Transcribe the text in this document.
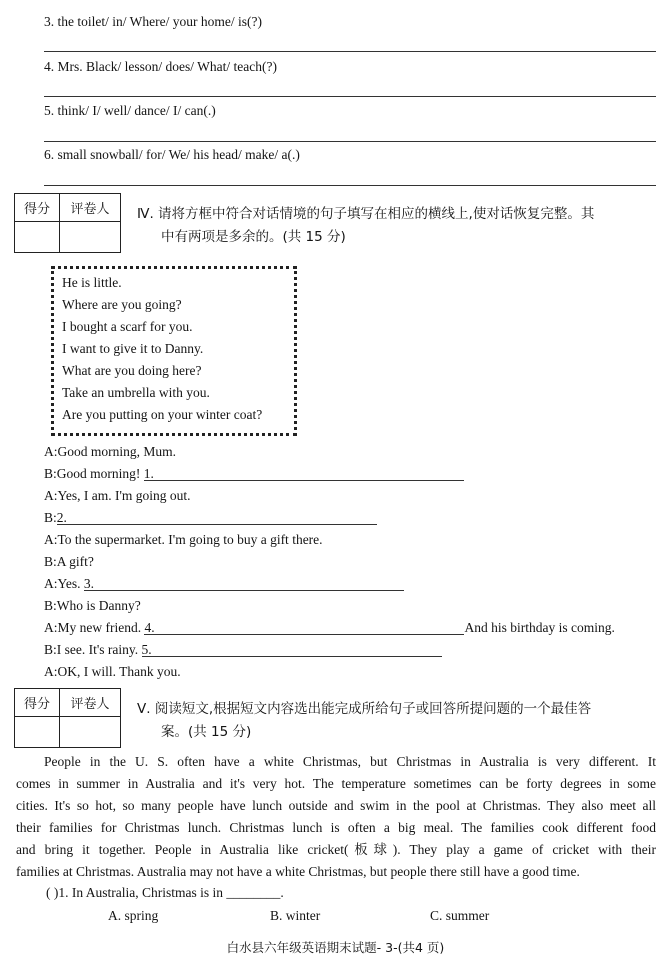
3. the toilet/ in/ Where/ your home/ is(?)
4. Mrs. Black/ lesson/ does/ What/ teach(?)
5. think/ I/ well/ dance/ I/ can(.)
6. small snowball/ for/ We/ his head/ make/ a(.)
得分	评卷人
	Ⅳ. 请将方框中符合对话情境的句子填写在相应的横线上,使对话恢复完整。其
中有两项是多余的。(共 15 分)
He is little.
Where are you going?
I bought a scarf for you.
I want to give it to Danny.
What are you doing here?
Take an umbrella with you.
Are you putting on your winter coat?
A:Good morning, Mum.
B:Good morning! 1.
A:Yes, I am. I'm going out.
B:2.
A:To the supermarket. I'm going to buy a gift there.
B:A gift?
A:Yes. 3.
B:Who is Danny?
A:My new friend. 4.	And his birthday is coming.
B:I see. It's rainy. 5.
A:OK, I will. Thank you.
得分	评卷人
	Ⅴ. 阅读短文,根据短文内容选出能完成所给句子或回答所提问题的一个最佳答
案。(共 15 分)
People in the U. S. often have a white Christmas, but Christmas in Australia is very different. It
comes in summer in Australia and it's very hot. The temperature sometimes can be forty degrees in some
cities. It's so hot, so many people have lunch outside and swim in the pool at Christmas. They also meet all
their families for Christmas lunch. Christmas lunch is often a big meal. The families cook different food
and bring it together. People in Australia like cricket(板球). They play a game of cricket with their
families at Christmas. Australia may not have a white Christmas, but people there still have a good time.
( )1. In Australia, Christmas is in ________.
A. spring	B. winter	C. summer
白水县六年级英语期末试题- 3-(共4 页)
